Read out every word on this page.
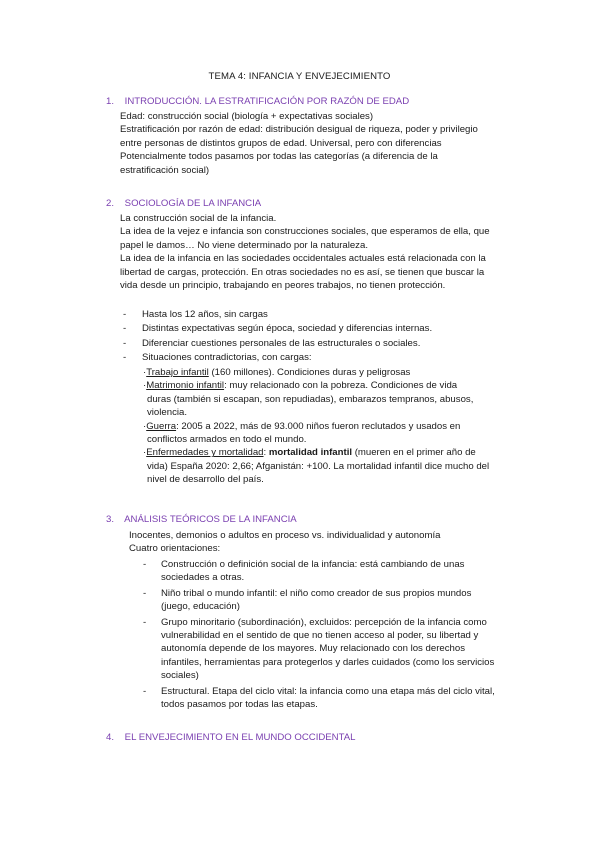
TEMA 4: INFANCIA Y ENVEJECIMIENTO
1. INTRODUCCIÓN. LA ESTRATIFICACIÓN POR RAZÓN DE EDAD
Edad: construcción social (biología + expectativas sociales)
Estratificación por razón de edad: distribución desigual de riqueza, poder y privilegio
entre personas de distintos grupos de edad. Universal, pero con diferencias
Potencialmente todos pasamos por todas las categorías (a diferencia de la
estratificación social)
2. SOCIOLOGÍA DE LA INFANCIA
La construcción social de la infancia.
La idea de la vejez e infancia son construcciones sociales, que esperamos de ella, que
papel le damos… No viene determinado por la naturaleza.
La idea de la infancia en las sociedades occidentales actuales está relacionada con la
libertad de cargas, protección. En otras sociedades no es así, se tienen que buscar la
vida desde un principio, trabajando en peores trabajos, no tienen protección.
- Hasta los 12 años, sin cargas
- Distintas expectativas según época, sociedad y diferencias internas.
- Diferenciar cuestiones personales de las estructurales o sociales.
- Situaciones contradictorias, con cargas:
·Trabajo infantil (160 millones). Condiciones duras y peligrosas
·Matrimonio infantil: muy relacionado con la pobreza. Condiciones de vida
duras (también si escapan, son repudiadas), embarazos tempranos, abusos,
violencia.
·Guerra: 2005 a 2022, más de 93.000 niños fueron reclutados y usados en
conflictos armados en todo el mundo.
·Enfermedades y mortalidad: mortalidad infantil (mueren en el primer año de
vida) España 2020: 2,66; Afganistán: +100. La mortalidad infantil dice mucho del
nivel de desarrollo del país.
3. ANÁLISIS TEÓRICOS DE LA INFANCIA
Inocentes, demonios o adultos en proceso vs. individualidad y autonomía
Cuatro orientaciones:
- Construcción o definición social de la infancia: está cambiando de unas
sociedades a otras.
- Niño tribal o mundo infantil: el niño como creador de sus propios mundos
(juego, educación)
- Grupo minoritario (subordinación), excluidos: percepción de la infancia como
vulnerabilidad en el sentido de que no tienen acceso al poder, su libertad y
autonomía depende de los mayores. Muy relacionado con los derechos
infantiles, herramientas para protegerlos y darles cuidados (como los servicios
sociales)
- Estructural. Etapa del ciclo vital: la infancia como una etapa más del ciclo vital,
todos pasamos por todas las etapas.
4. EL ENVEJECIMIENTO EN EL MUNDO OCCIDENTAL
